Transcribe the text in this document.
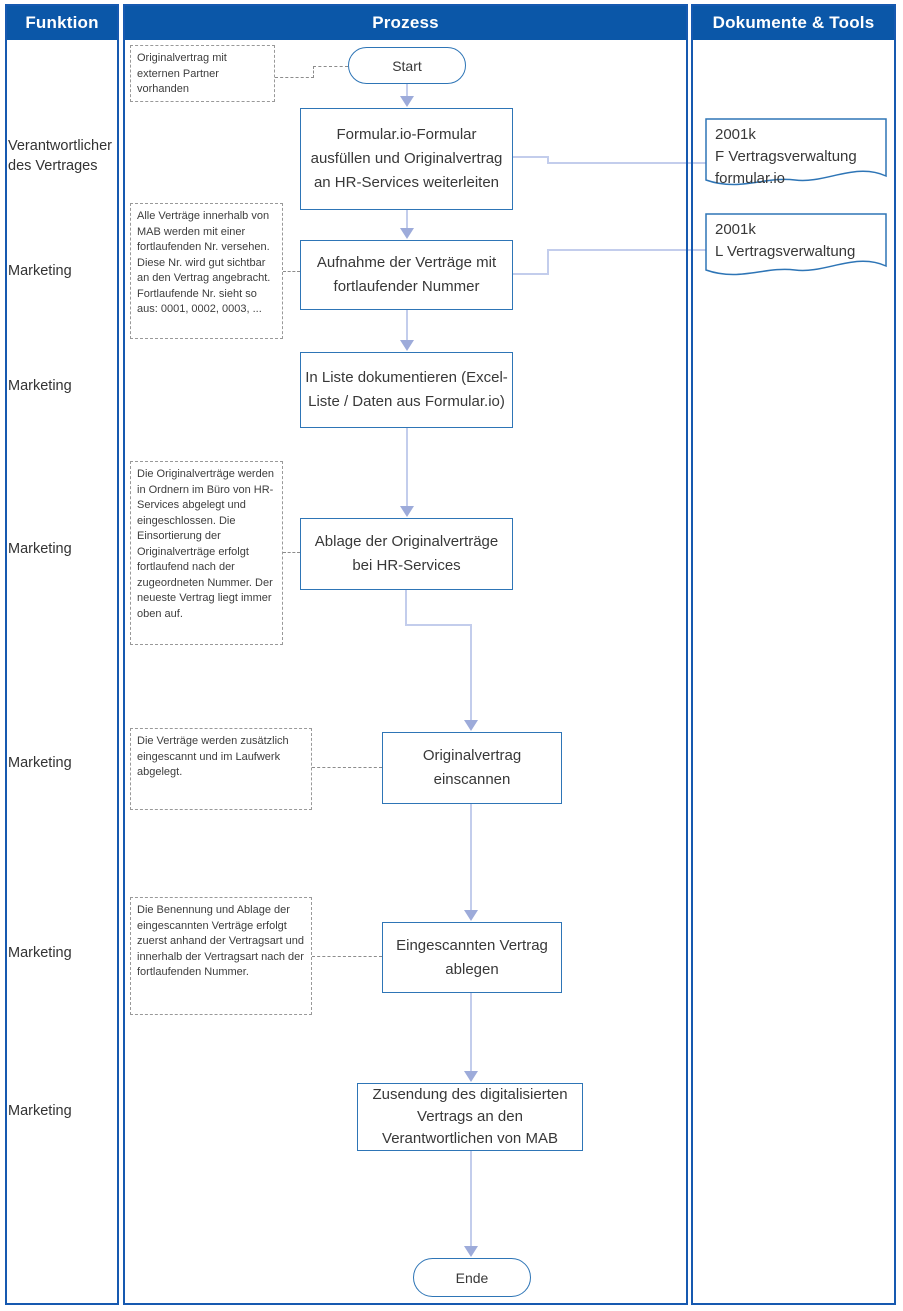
Funktion	Prozess	Dokumente & Tools
Verantwortlicher des Vertrages
Marketing
Marketing
Marketing
Marketing
Marketing
Marketing
Start
Ende
Formular.io-Formular ausfüllen und Originalvertrag an HR-Services weiterleiten
Aufnahme der Verträge mit fortlaufender Nummer
In Liste dokumentieren (Excel-Liste / Daten aus Formular.io)
Ablage der Originalverträge bei HR-Services
Originalvertrag einscannen
Eingescannten Vertrag ablegen
Zusendung des digitalisierten Vertrags an den Verantwortlichen von MAB
Originalvertrag mit externen Partner vorhanden
Alle Verträge innerhalb von MAB werden mit einer fortlaufenden Nr. versehen. Diese Nr. wird gut sichtbar an den Vertrag angebracht. Fortlaufende Nr. sieht so aus: 0001, 0002, 0003, ...
Die Originalverträge werden in Ordnern im Büro von HR-Services abgelegt und eingeschlossen. Die Einsortierung der Originalverträge erfolgt fortlaufend nach der zugeordneten Nummer. Der neueste Vertrag liegt immer oben auf.
Die Verträge werden zusätzlich eingescannt und im Laufwerk abgelegt.
Die Benennung und Ablage der eingescannten Verträge erfolgt zuerst anhand der Vertragsart und innerhalb der Vertragsart nach der fortlaufenden Nummer.
2001k
F Vertragsverwaltung
formular.io
2001k
L Vertragsverwaltung
